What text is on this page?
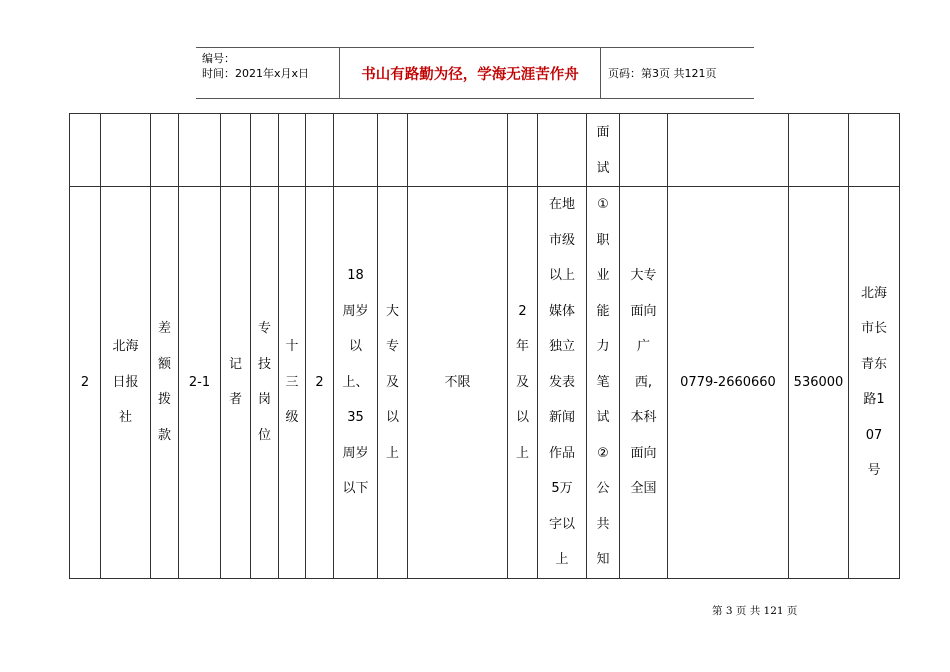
编号：
时间：2021年x月x日	书山有路勤为径，学海无涯苦作舟	页码：第3页 共121页
													面试				
2	北海日报社	差额拨款	2-1	记者	专技岗位	十三级	2	18周岁以上、35周岁以下	大专及以上	不限	2年及以上	在地市级以上媒体独立发表新闻作品5万字以上	①职业能力笔试②公共知	大专面向广西,本科面向全国	0779-2660660	536000	北海市长青东路107号
第 3 页 共 121 页
